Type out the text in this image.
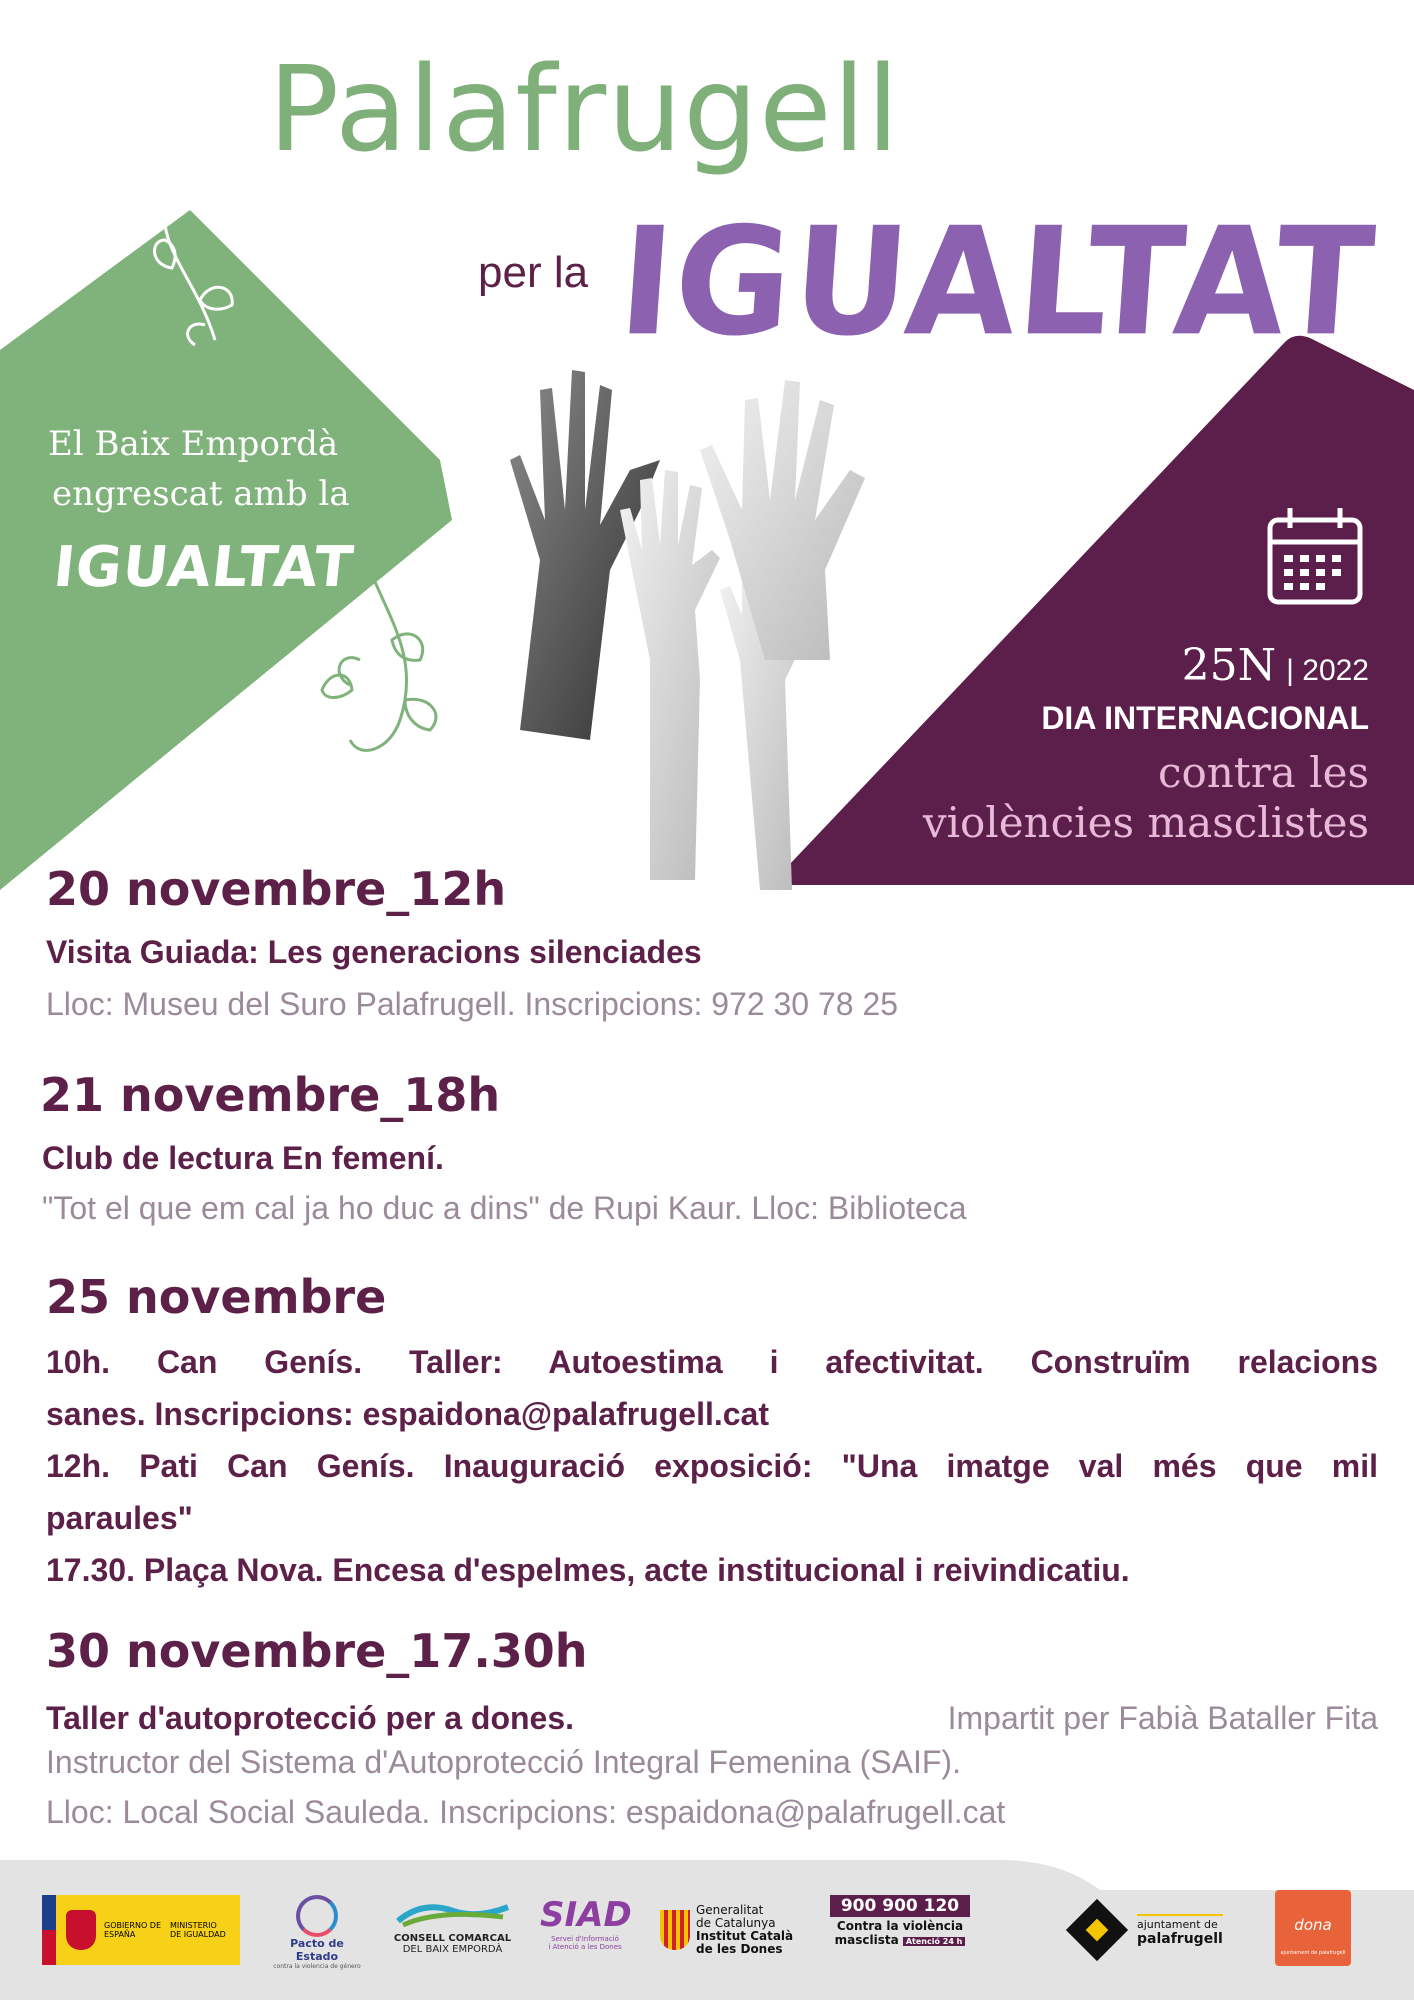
Palafrugell
per la IGUALTAT
El Baix Empordà
engrescat amb la
IGUALTAT
25N | 2022
DIA INTERNACIONAL
contra les
violències masclistes
20 novembre_12h
Visita Guiada: Les generacions silenciades
Lloc: Museu del Suro Palafrugell. Inscripcions: 972 30 78 25
21 novembre_18h
Club de lectura En femení.
"Tot el que em cal ja ho duc a dins" de Rupi Kaur. Lloc: Biblioteca
25 novembre
10h. Can Genís. Taller: Autoestima i afectivitat. Construïm relacions
sanes. Inscripcions: espaidona@palafrugell.cat
12h. Pati Can Genís. Inauguració exposició: "Una imatge val més que mil
paraules"
17.30. Plaça Nova. Encesa d'espelmes, acte institucional i reivindicatiu.
30 novembre_17.30h
Taller d'autoprotecció per a dones.	Impartit per Fabià Bataller Fita
Instructor del Sistema d'Autoprotecció Integral Femenina (SAIF).
Lloc: Local Social Sauleda. Inscripcions: espaidona@palafrugell.cat
GOBIERNO DE ESPAÑA
MINISTERIO DE IGUALDAD
Pacto de Estado
contra la violencia de género
CONSELL COMARCAL
DEL BAIX EMPORDÀ
SIAD
Servei d'Informació
i Atenció a les Dones
Generalitat
de Catalunya
Institut Català
de les Dones
900 900 120
Contra la violència
masclista Atenció 24 h
ajuntament de
palafrugell
dona
ajuntament de palafrugell
